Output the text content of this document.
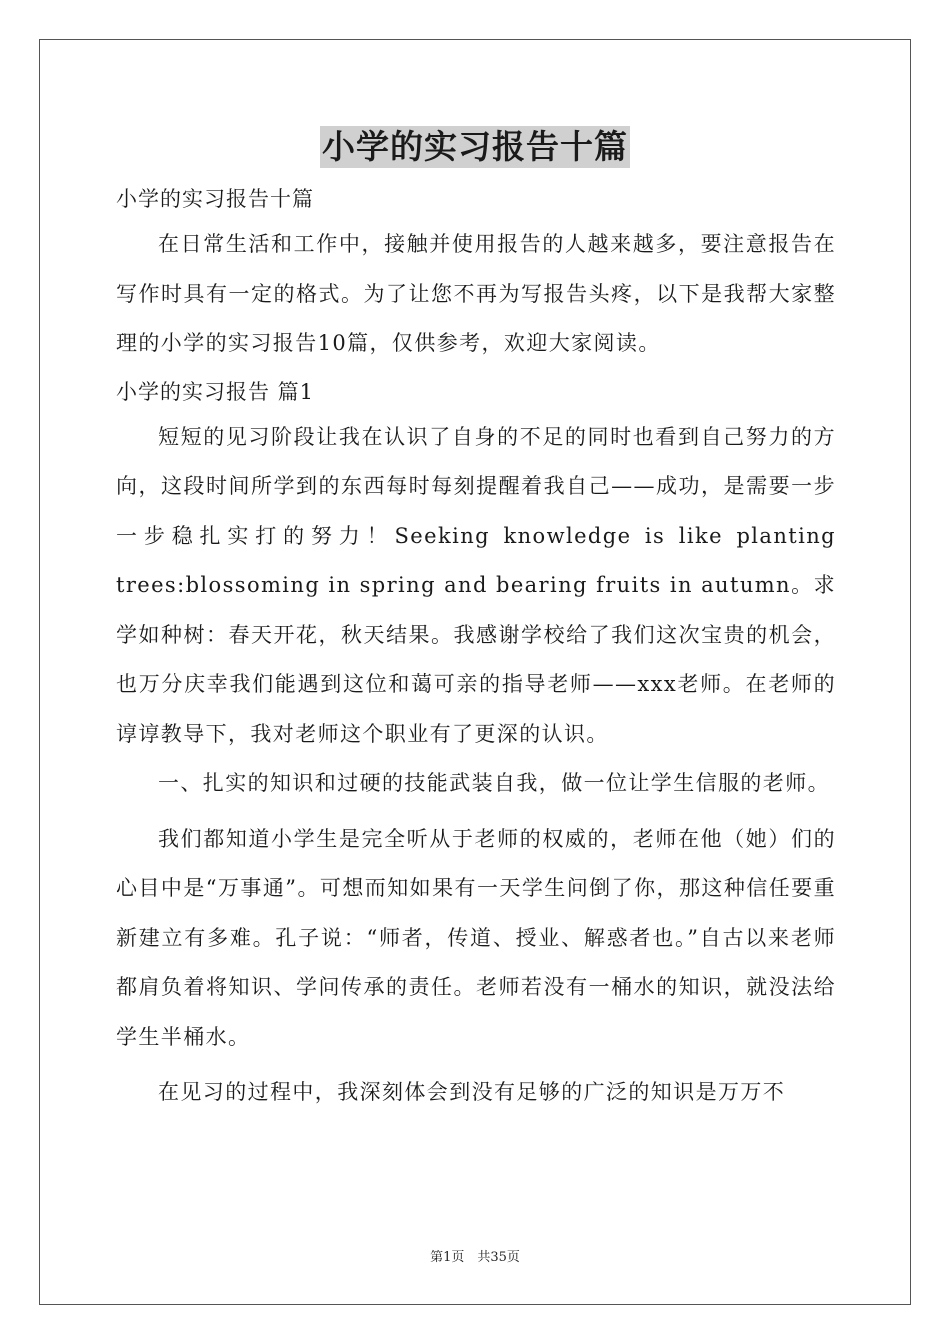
小学的实习报告十篇

小学的实习报告十篇

在日常生活和工作中，接触并使用报告的人越来越多，要注意报告在写作时具有一定的格式。为了让您不再为写报告头疼，以下是我帮大家整理的小学的实习报告10篇，仅供参考，欢迎大家阅读。

小学的实习报告 篇1

短短的见习阶段让我在认识了自身的不足的同时也看到自己努力的方向，这段时间所学到的东西每时每刻提醒着我自己——成功，是需要一步一步稳扎实打的努力！Seeking knowledge is like planting trees:blossoming in spring and bearing fruits in autumn。求学如种树：春天开花，秋天结果。我感谢学校给了我们这次宝贵的机会，也万分庆幸我们能遇到这位和蔼可亲的指导老师——xxx老师。在老师的谆谆教导下，我对老师这个职业有了更深的认识。

一、扎实的知识和过硬的技能武装自我，做一位让学生信服的老师。

我们都知道小学生是完全听从于老师的权威的，老师在他（她）们的心目中是“万事通”。可想而知如果有一天学生问倒了你，那这种信任要重新建立有多难。孔子说：“师者，传道、授业、解惑者也。”自古以来老师都肩负着将知识、学问传承的责任。老师若没有一桶水的知识，就没法给学生半桶水。

在见习的过程中，我深刻体会到没有足够的广泛的知识是万万不

第1页　共35页
